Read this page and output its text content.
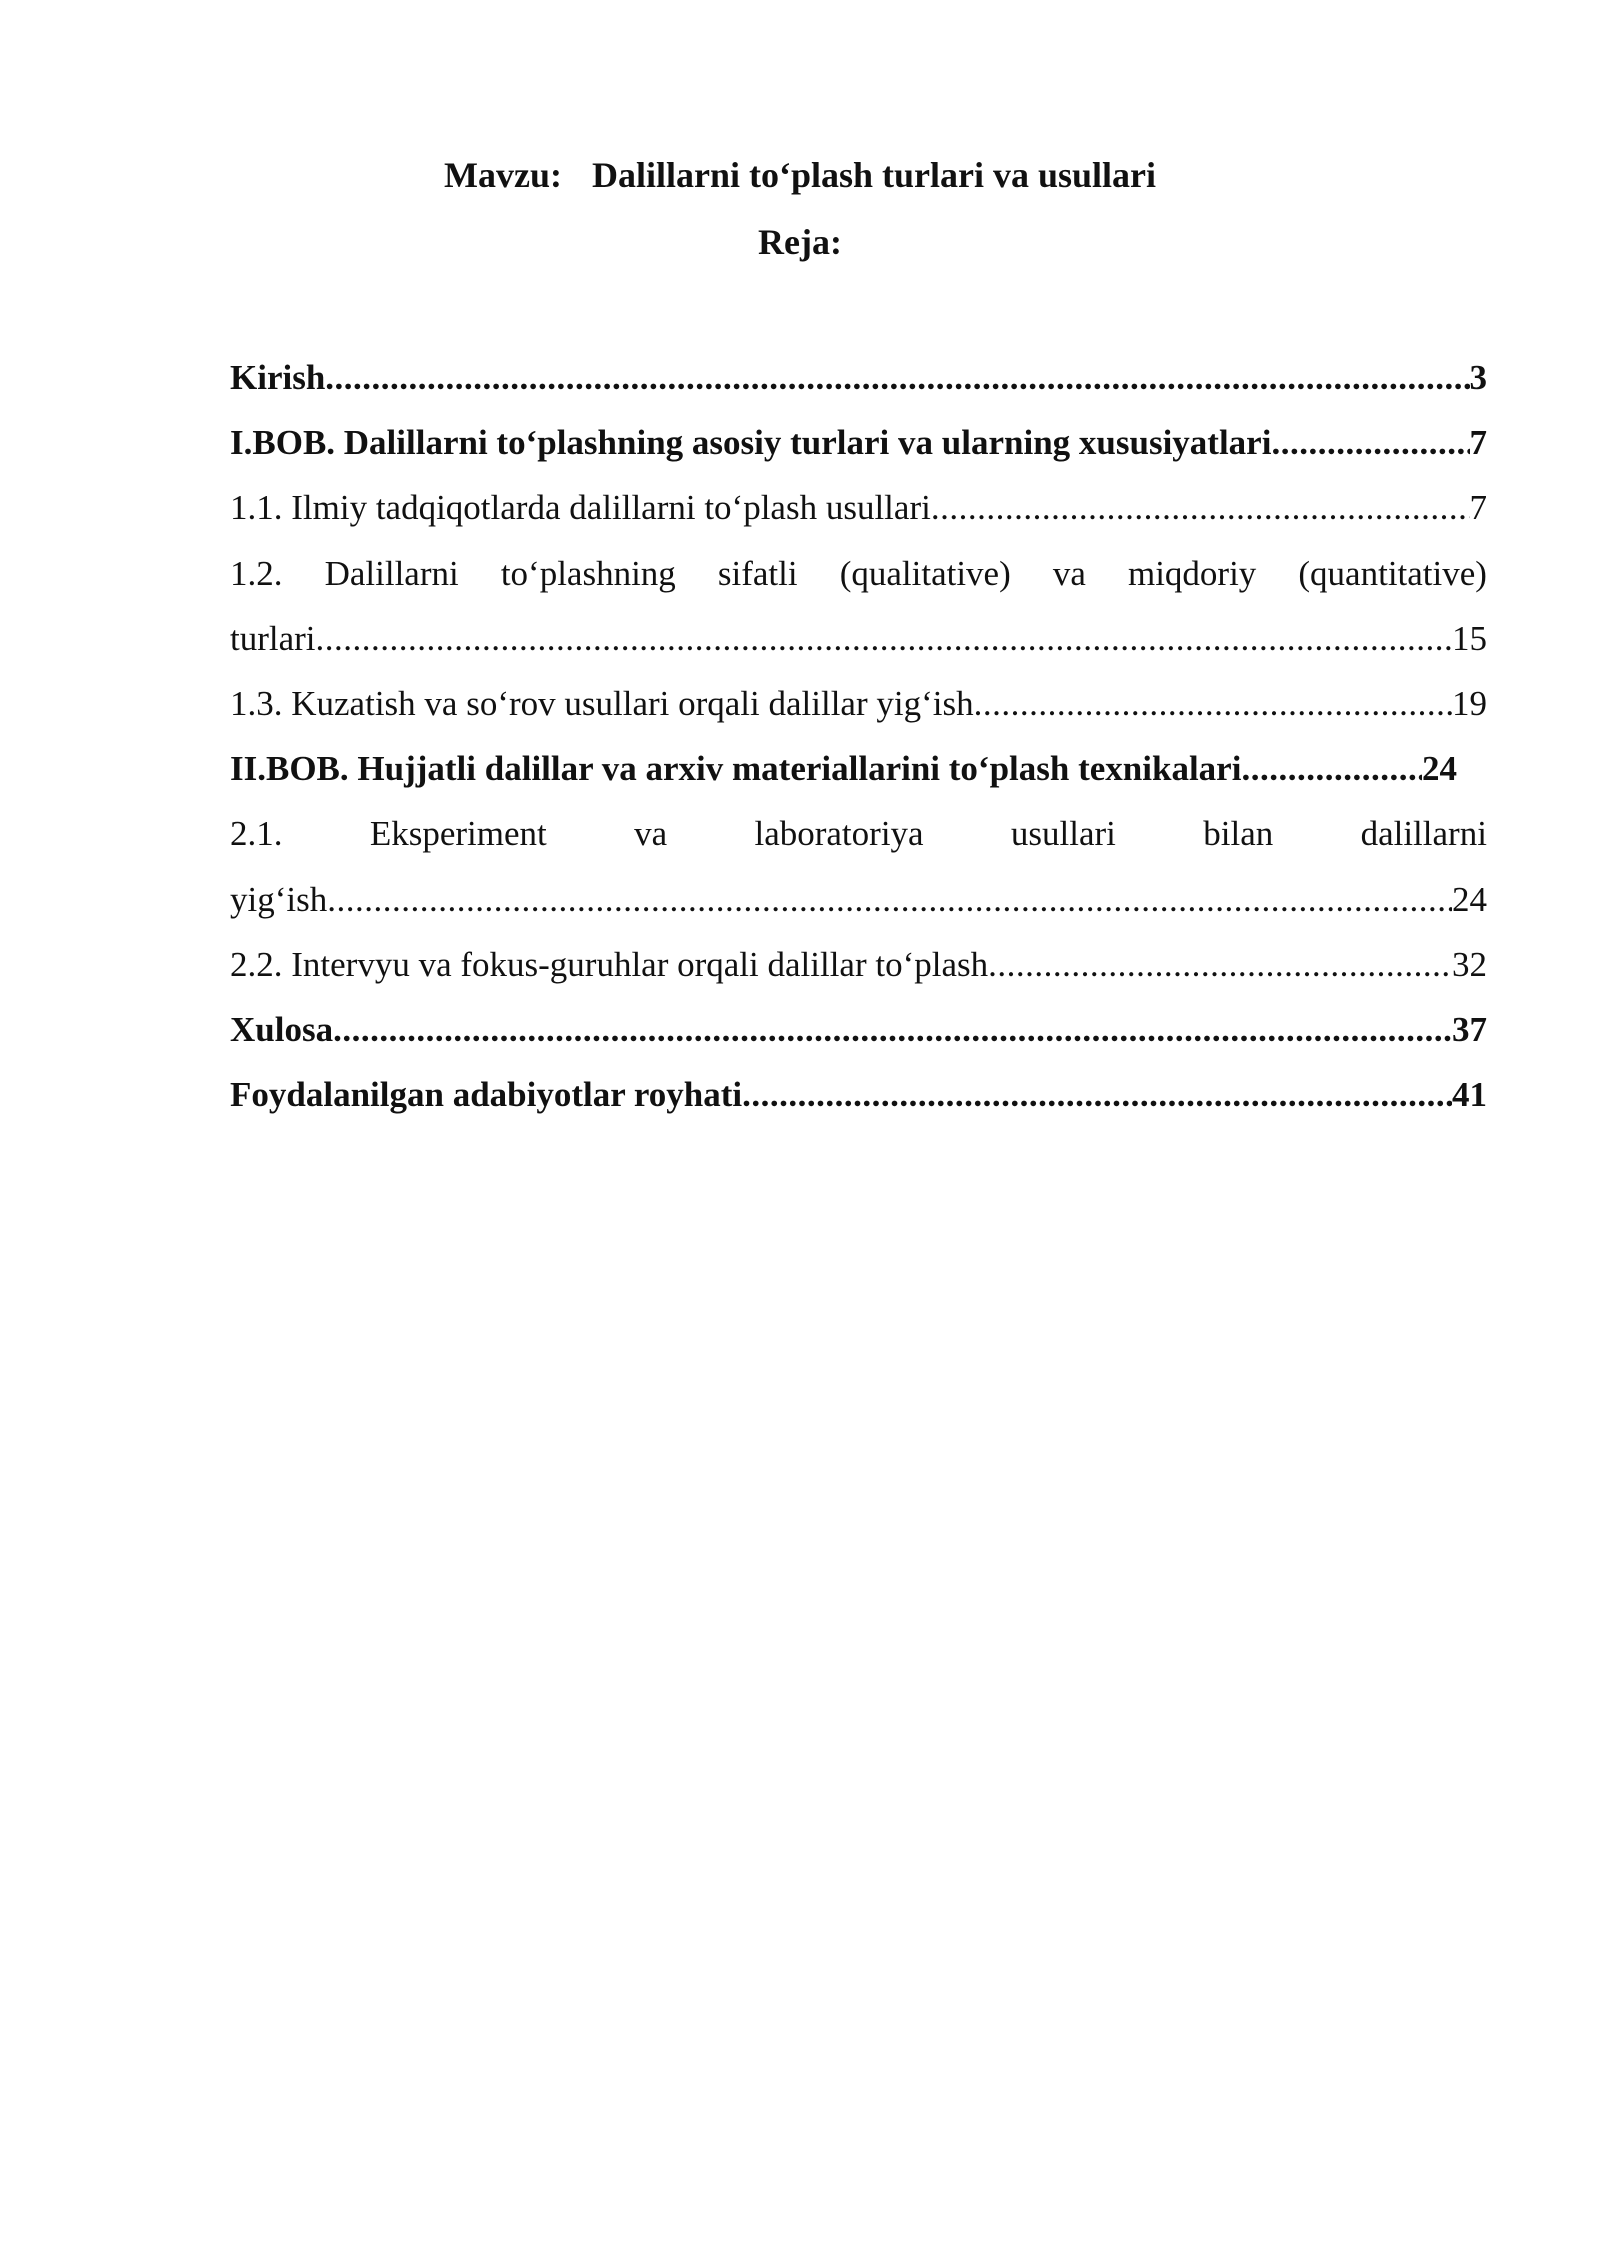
Mavzu: Dalillarni to‘plash turlari va usullari
Reja:
Kirish .....	3
I.BOB. Dalillarni to‘plashning asosiy turlari va ularning xususiyatlari .....	7
1.1. Ilmiy tadqiqotlarda dalillarni to‘plash usullari .....	7
1.2. Dalillarni to‘plashning sifatli (qualitative) va miqdoriy (quantitative)
turlari .....	15
1.3. Kuzatish va so‘rov usullari orqali dalillar yig‘ish .....	19
II.BOB. Hujjatli dalillar va arxiv materiallarini to‘plash texnikalari .....	24
2.1. Eksperiment va laboratoriya usullari bilan dalillarni
yig‘ish .....	24
2.2. Intervyu va fokus-guruhlar orqali dalillar to‘plash .....	32
Xulosa .....	37
Foydalanilgan adabiyotlar royhati .....	41
